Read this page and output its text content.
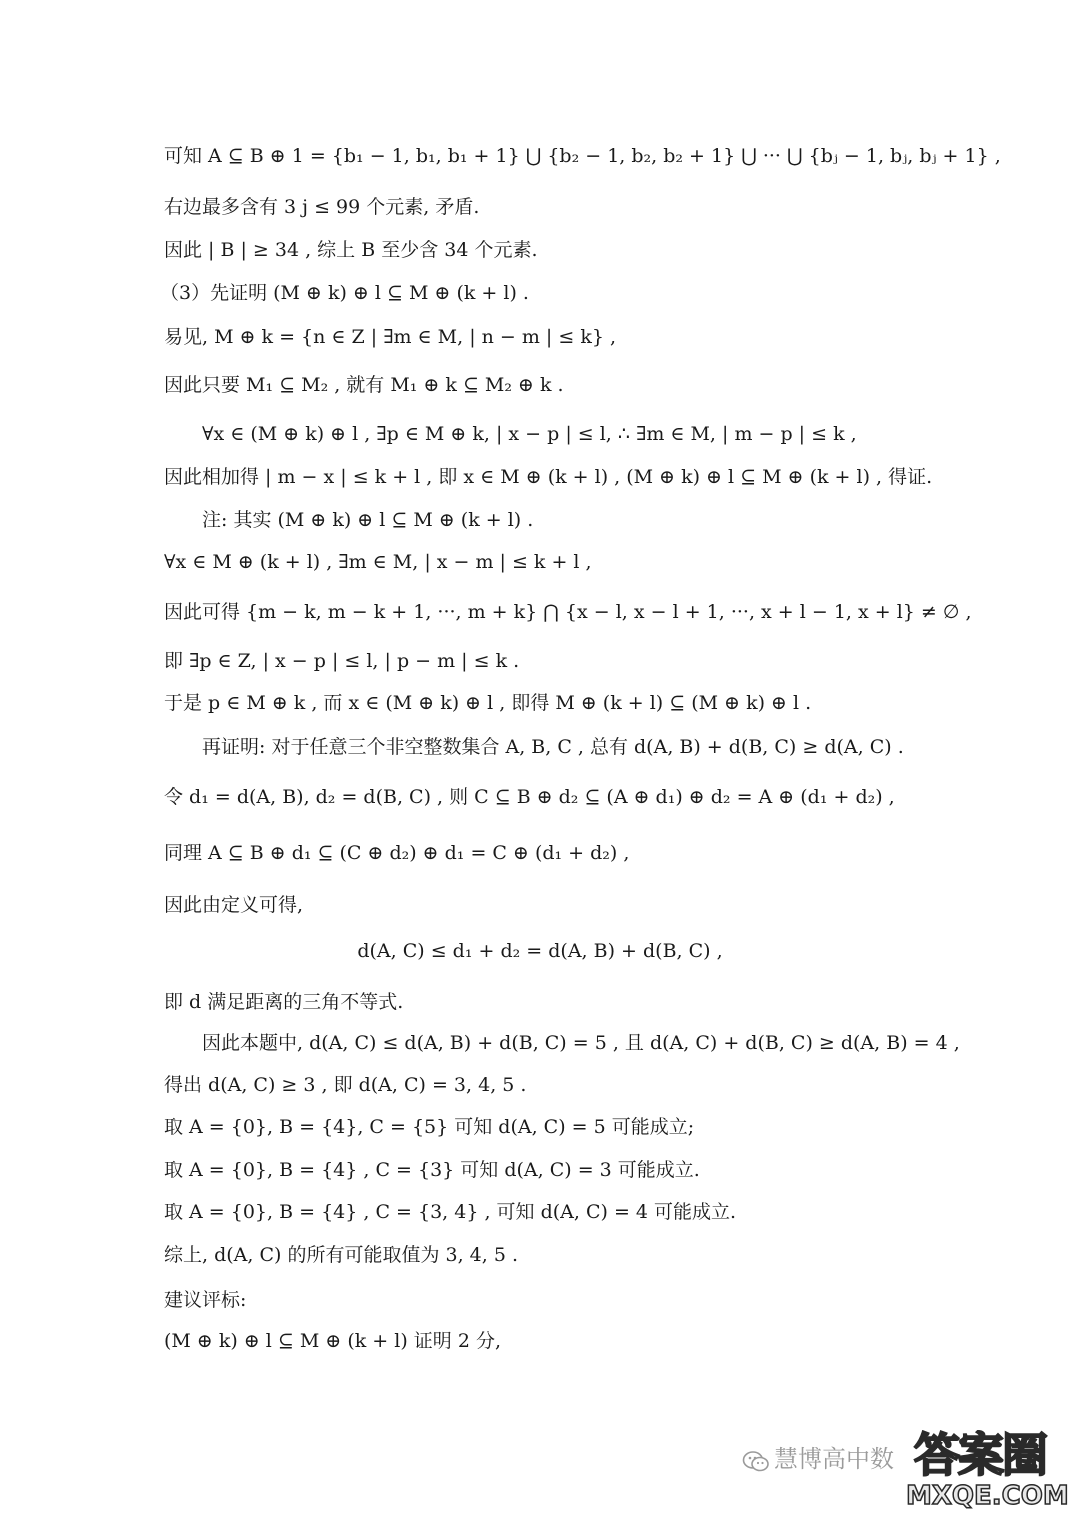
可知 A ⊆ B ⊕ 1 = {b₁ − 1, b₁, b₁ + 1} ⋃ {b₂ − 1, b₂, b₂ + 1} ⋃ ··· ⋃ {bⱼ − 1, bⱼ, bⱼ + 1} ,
右边最多含有 3 j ≤ 99 个元素, 矛盾.
因此 | B | ≥ 34 , 综上 B 至少含 34 个元素.
（3）先证明 (M ⊕ k) ⊕ l ⊆ M ⊕ (k + l) .
易见, M ⊕ k = {n ∈ Z | ∃m ∈ M, | n − m | ≤ k} ,
因此只要 M₁ ⊆ M₂ , 就有 M₁ ⊕ k ⊆ M₂ ⊕ k .
∀x ∈ (M ⊕ k) ⊕ l , ∃p ∈ M ⊕ k, | x − p | ≤ l, ∴ ∃m ∈ M, | m − p | ≤ k ,
因此相加得 | m − x | ≤ k + l , 即 x ∈ M ⊕ (k + l) , (M ⊕ k) ⊕ l ⊆ M ⊕ (k + l) , 得证.
注: 其实 (M ⊕ k) ⊕ l ⊆ M ⊕ (k + l) .
∀x ∈ M ⊕ (k + l) , ∃m ∈ M, | x − m | ≤ k + l ,
因此可得 {m − k, m − k + 1, ···, m + k} ⋂ {x − l, x − l + 1, ···, x + l − 1, x + l} ≠ ∅ ,
即 ∃p ∈ Z, | x − p | ≤ l, | p − m | ≤ k .
于是 p ∈ M ⊕ k , 而 x ∈ (M ⊕ k) ⊕ l , 即得 M ⊕ (k + l) ⊆ (M ⊕ k) ⊕ l .
再证明: 对于任意三个非空整数集合 A, B, C , 总有 d(A, B) + d(B, C) ≥ d(A, C) .
令 d₁ = d(A, B), d₂ = d(B, C) , 则 C ⊆ B ⊕ d₂ ⊆ (A ⊕ d₁) ⊕ d₂ = A ⊕ (d₁ + d₂) ,
同理 A ⊆ B ⊕ d₁ ⊆ (C ⊕ d₂) ⊕ d₁ = C ⊕ (d₁ + d₂) ,
因此由定义可得,
d(A, C) ≤ d₁ + d₂ = d(A, B) + d(B, C) ,
即 d 满足距离的三角不等式.
因此本题中, d(A, C) ≤ d(A, B) + d(B, C) = 5 , 且 d(A, C) + d(B, C) ≥ d(A, B) = 4 ,
得出 d(A, C) ≥ 3 , 即 d(A, C) = 3, 4, 5 .
取 A = {0}, B = {4}, C = {5} 可知 d(A, C) = 5 可能成立;
取 A = {0}, B = {4} , C = {3} 可知 d(A, C) = 3 可能成立.
取 A = {0}, B = {4} , C = {3, 4} , 可知 d(A, C) = 4 可能成立.
综上, d(A, C) 的所有可能取值为 3, 4, 5 .
建议评标:
(M ⊕ k) ⊕ l ⊆ M ⊕ (k + l) 证明 2 分,
慧博高中数 答案圈
MXQE.COM
